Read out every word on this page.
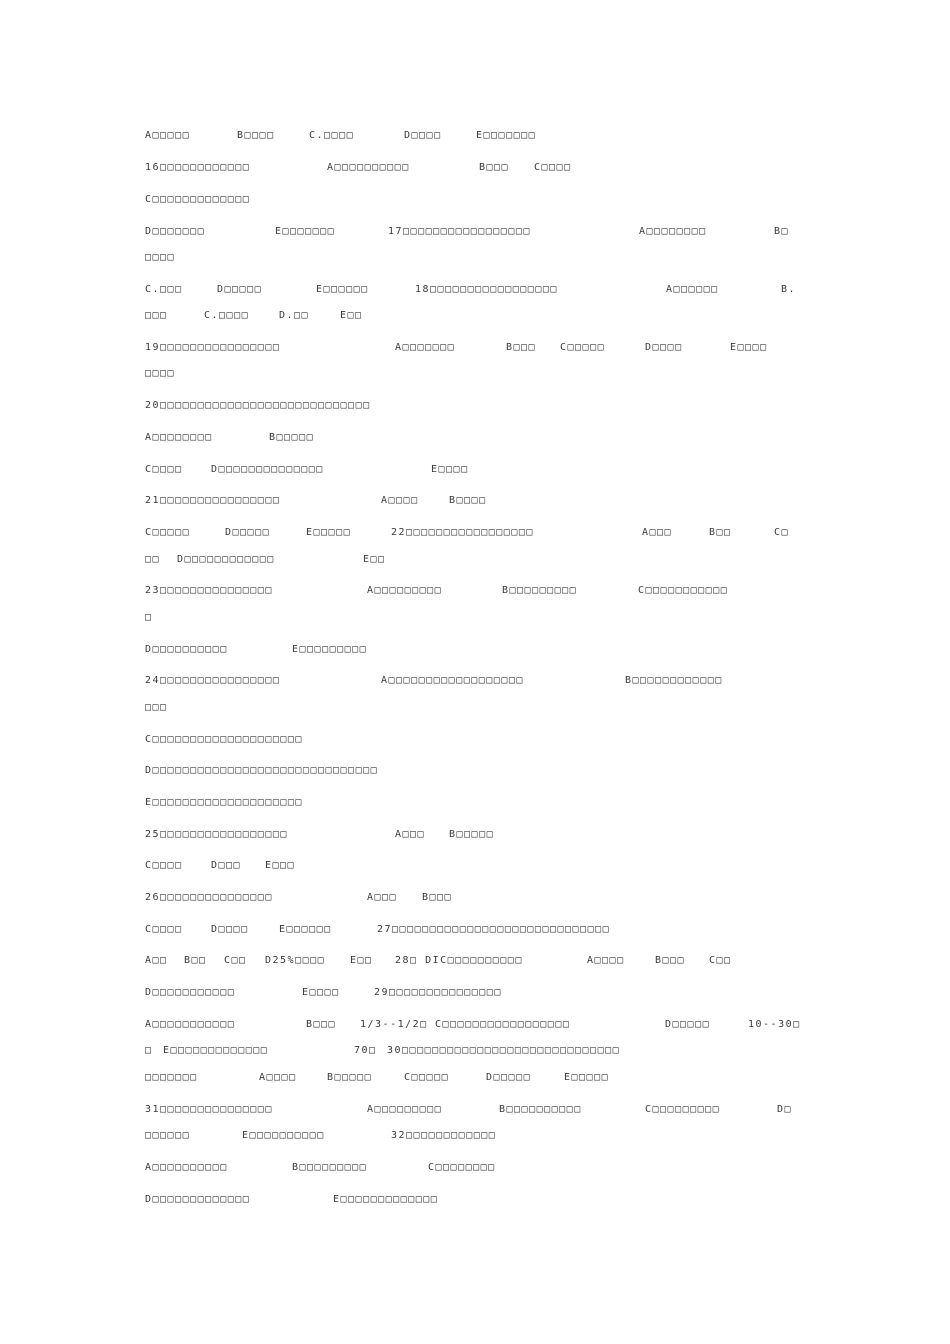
A□□□□□	B□□□□	C.□□□□	D□□□□	E□□□□□□□
16□□□□□□□□□□□□	A□□□□□□□□□□	B□□□ C□□□□
C□□□□□□□□□□□□□
D□□□□□□□	E□□□□□□□	17□□□□□□□□□□□□□□□□□	A□□□□□□□□	B□
□□□□
C.□□□	D□□□□□	E□□□□□□	18□□□□□□□□□□□□□□□□□	A□□□□□□	B.
□□□	C.□□□□	D.□□	E□□
19□□□□□□□□□□□□□□□□	A□□□□□□□	B□□□ C□□□□□	D□□□□	E□□□□
□□□□
20□□□□□□□□□□□□□□□□□□□□□□□□□□□□
A□□□□□□□□	B□□□□□
C□□□□	D□□□□□□□□□□□□□□	E□□□□
21□□□□□□□□□□□□□□□□	A□□□□	B□□□□
C□□□□□	D□□□□□	E□□□□□	22□□□□□□□□□□□□□□□□□	A□□□	B□□	C□
□□ D□□□□□□□□□□□□	E□□
23□□□□□□□□□□□□□□□	A□□□□□□□□□	B□□□□□□□□□	C□□□□□□□□□□□
□
D□□□□□□□□□□	E□□□□□□□□□
24□□□□□□□□□□□□□□□□	A□□□□□□□□□□□□□□□□□□	B□□□□□□□□□□□□
□□□
C□□□□□□□□□□□□□□□□□□□□
D□□□□□□□□□□□□□□□□□□□□□□□□□□□□□□
E□□□□□□□□□□□□□□□□□□□□
25□□□□□□□□□□□□□□□□□	A□□□ B□□□□□
C□□□□	D□□□ E□□□
26□□□□□□□□□□□□□□□	A□□□ B□□□
C□□□□	D□□□□	E□□□□□□	27□□□□□□□□□□□□□□□□□□□□□□□□□□□□□
A□□ B□□ C□□ D25%□□□□ E□□ 28□ DIC□□□□□□□□□□	A□□□□	B□□□ C□□
D□□□□□□□□□□□	E□□□□	29□□□□□□□□□□□□□□□
A□□□□□□□□□□□	B□□□ 1/3--1/2□ C□□□□□□□□□□□□□□□□□	D□□□□□	10--30□
□ E□□□□□□□□□□□□□	70□ 30□□□□□□□□□□□□□□□□□□□□□□□□□□□□□
□□□□□□□	A□□□□	B□□□□□	C□□□□□	D□□□□□	E□□□□□
31□□□□□□□□□□□□□□□	A□□□□□□□□□	B□□□□□□□□□□	C□□□□□□□□□	D□
□□□□□□	E□□□□□□□□□□	32□□□□□□□□□□□□
A□□□□□□□□□□	B□□□□□□□□□	C□□□□□□□□
D□□□□□□□□□□□□□	E□□□□□□□□□□□□□
